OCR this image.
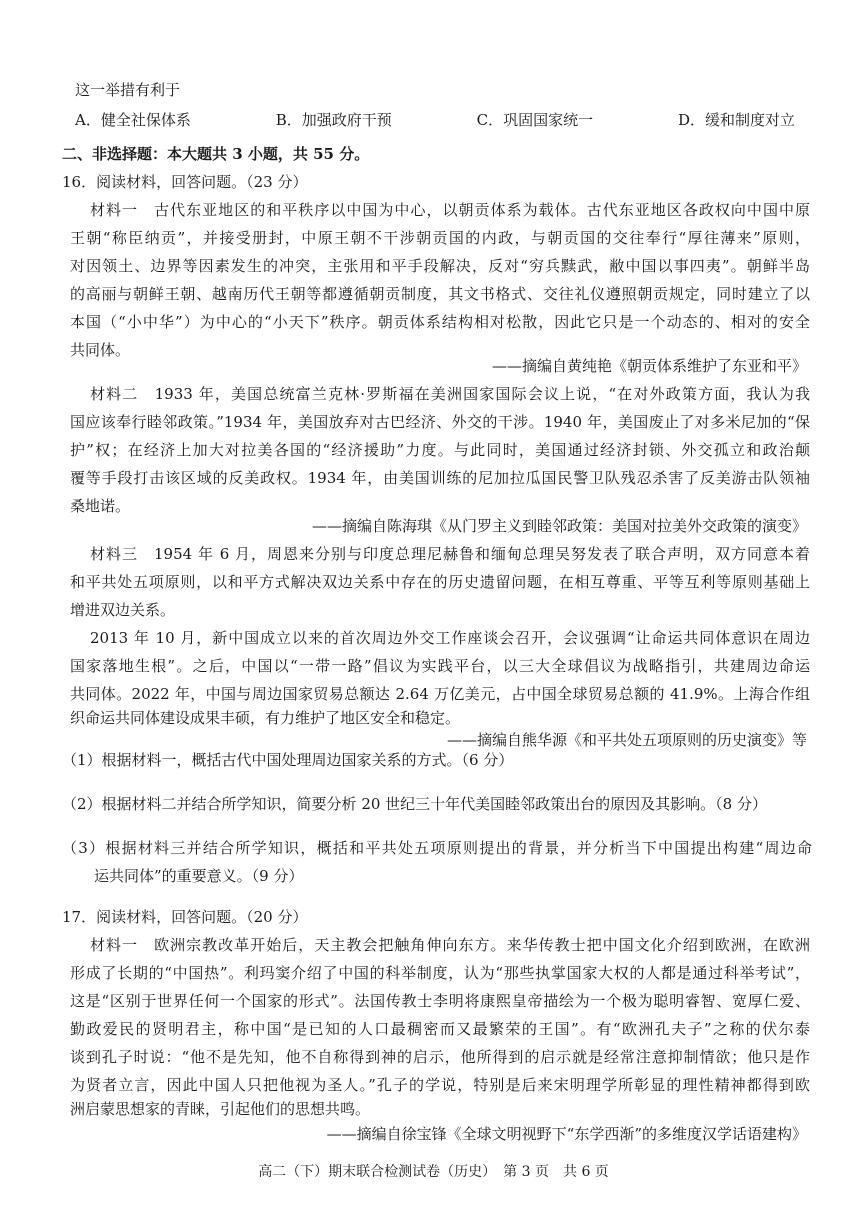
这一举措有利于
A．健全社保体系	B．加强政府干预	C．巩固国家统一	D．缓和制度对立
二、非选择题：本大题共 3 小题，共 55 分。
16．阅读材料，回答问题。（23 分）
材料一　古代东亚地区的和平秩序以中国为中心，以朝贡体系为载体。古代东亚地区各政权向中国中原
王朝“称臣纳贡”，并接受册封，中原王朝不干涉朝贡国的内政，与朝贡国的交往奉行“厚往薄来”原则，
对因领土、边界等因素发生的冲突，主张用和平手段解决，反对“穷兵黩武，敝中国以事四夷”。朝鲜半岛
的高丽与朝鲜王朝、越南历代王朝等都遵循朝贡制度，其文书格式、交往礼仪遵照朝贡规定，同时建立了以
本国（“小中华”）为中心的“小天下”秩序。朝贡体系结构相对松散，因此它只是一个动态的、相对的安全
共同体。
——摘编自黄纯艳《朝贡体系维护了东亚和平》
材料二　1933 年，美国总统富兰克林·罗斯福在美洲国家国际会议上说，“在对外政策方面，我认为我
国应该奉行睦邻政策。”1934 年，美国放弃对古巴经济、外交的干涉。1940 年，美国废止了对多米尼加的“保
护”权；在经济上加大对拉美各国的“经济援助”力度。与此同时，美国通过经济封锁、外交孤立和政治颠
覆等手段打击该区域的反美政权。1934 年，由美国训练的尼加拉瓜国民警卫队残忍杀害了反美游击队领袖
桑地诺。
——摘编自陈海琪《从门罗主义到睦邻政策：美国对拉美外交政策的演变》
材料三　1954 年 6 月，周恩来分别与印度总理尼赫鲁和缅甸总理吴努发表了联合声明，双方同意本着
和平共处五项原则，以和平方式解决双边关系中存在的历史遗留问题，在相互尊重、平等互利等原则基础上
增进双边关系。
2013 年 10 月，新中国成立以来的首次周边外交工作座谈会召开，会议强调“让命运共同体意识在周边
国家落地生根”。之后，中国以“一带一路”倡议为实践平台，以三大全球倡议为战略指引，共建周边命运
共同体。2022 年，中国与周边国家贸易总额达 2.64 万亿美元，占中国全球贸易总额的 41.9%。上海合作组
织命运共同体建设成果丰硕，有力维护了地区安全和稳定。
——摘编自熊华源《和平共处五项原则的历史演变》等
（1）根据材料一，概括古代中国处理周边国家关系的方式。（6 分）
（2）根据材料二并结合所学知识，简要分析 20 世纪三十年代美国睦邻政策出台的原因及其影响。（8 分）
（3）根据材料三并结合所学知识，概括和平共处五项原则提出的背景，并分析当下中国提出构建“周边命
运共同体”的重要意义。（9 分）
17．阅读材料，回答问题。（20 分）
材料一　欧洲宗教改革开始后，天主教会把触角伸向东方。来华传教士把中国文化介绍到欧洲，在欧洲
形成了长期的“中国热”。利玛窦介绍了中国的科举制度，认为“那些执掌国家大权的人都是通过科举考试”，
这是“区别于世界任何一个国家的形式”。法国传教士李明将康熙皇帝描绘为一个极为聪明睿智、宽厚仁爱、
勤政爱民的贤明君主，称中国“是已知的人口最稠密而又最繁荣的王国”。有“欧洲孔夫子”之称的伏尔泰
谈到孔子时说：“他不是先知，他不自称得到神的启示，他所得到的启示就是经常注意抑制情欲；他只是作
为贤者立言，因此中国人只把他视为圣人。”孔子的学说，特别是后来宋明理学所彰显的理性精神都得到欧
洲启蒙思想家的青睐，引起他们的思想共鸣。
——摘编自徐宝锋《全球文明视野下“东学西渐”的多维度汉学话语建构》
高二（下）期末联合检测试卷（历史）　第 3 页　共 6 页
